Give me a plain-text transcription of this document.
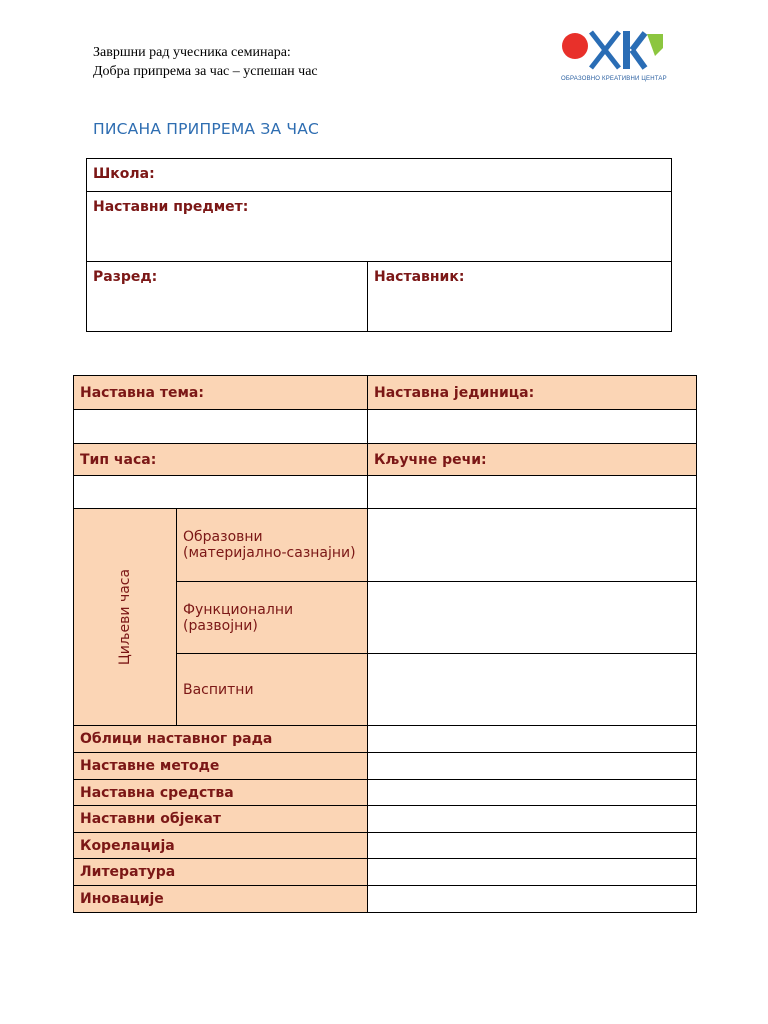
Завршни рад учесника семинара:
Добра припрема за час – успешан час	ОБРАЗОВНО КРЕАТИВНИ ЦЕНТАР
ПИСАНА ПРИПРЕМА ЗА ЧАС
Школа:
Наставни предмет:
Разред:	Наставник:
Наставна тема:		Наставна јединица:

Тип часа:		Кључне речи:

Циљеви часа	Образовни (материјално-сазнајни)	
	Функционални (развојни)	
	Васпитни	
Облици наставног рада		
Наставне методе		
Наставна средства		
Наставни објекат		
Корелација		
Литература		
Иновације		
